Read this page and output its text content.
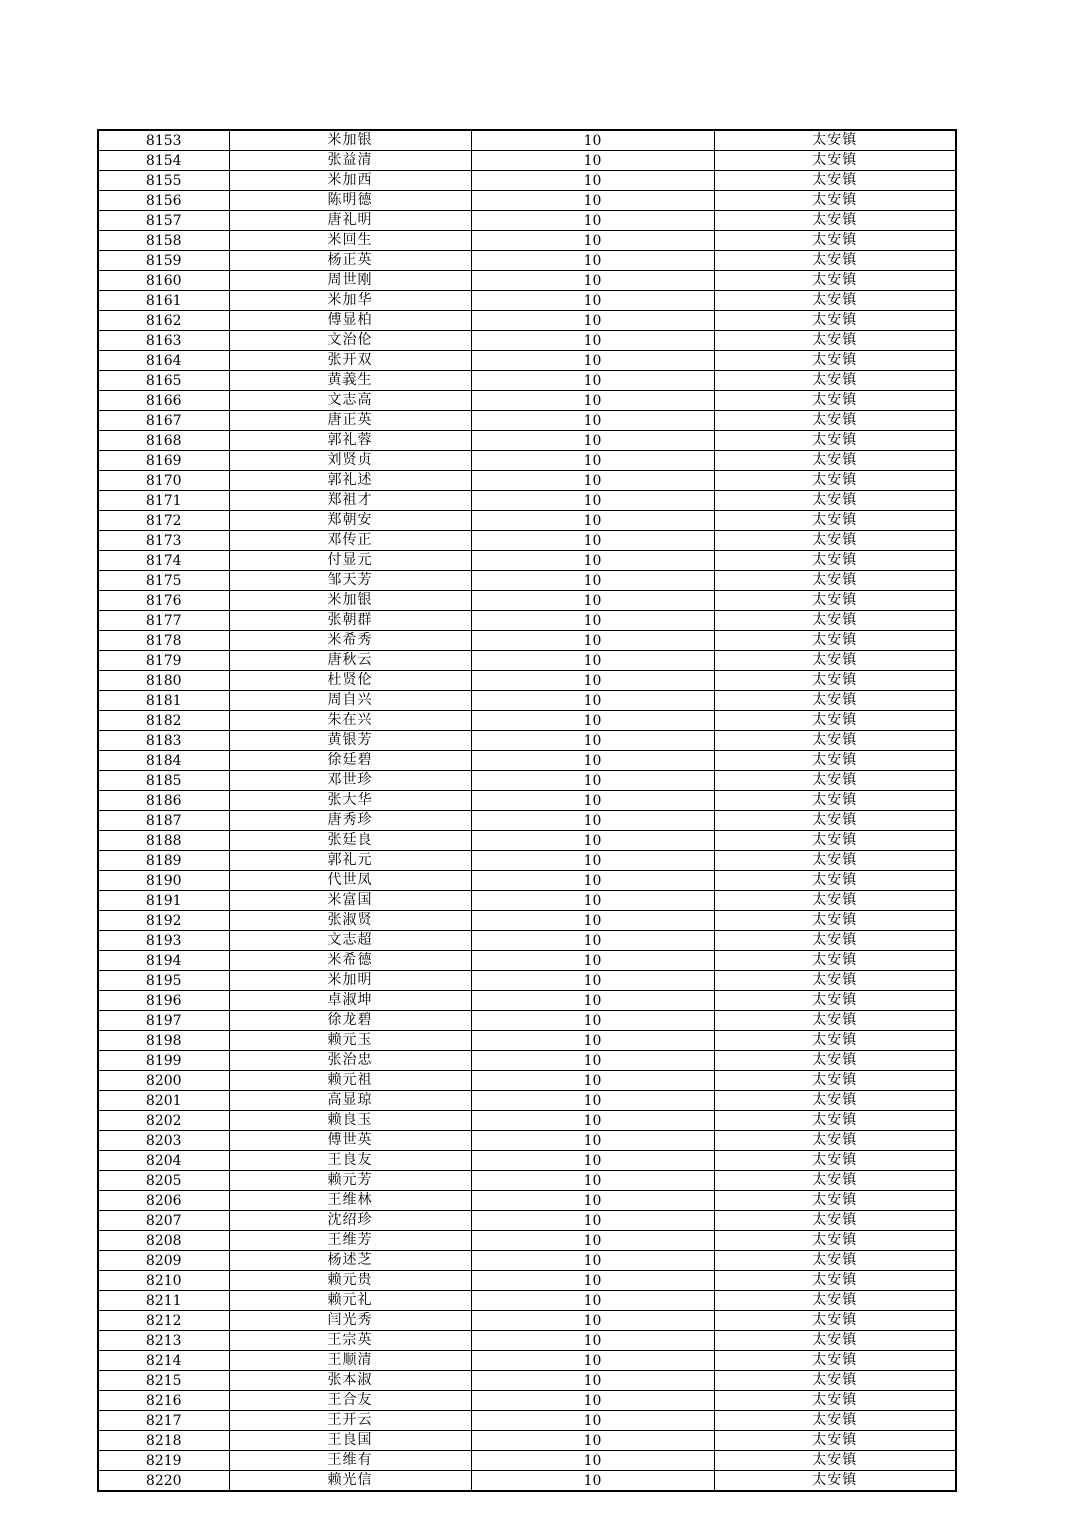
8153	米加银	10	太安镇
8154	张益清	10	太安镇
8155	米加西	10	太安镇
8156	陈明德	10	太安镇
8157	唐礼明	10	太安镇
8158	米回生	10	太安镇
8159	杨正英	10	太安镇
8160	周世刚	10	太安镇
8161	米加华	10	太安镇
8162	傅显柏	10	太安镇
8163	文治伦	10	太安镇
8164	张开双	10	太安镇
8165	黄義生	10	太安镇
8166	文志高	10	太安镇
8167	唐正英	10	太安镇
8168	郭礼蓉	10	太安镇
8169	刘贤贞	10	太安镇
8170	郭礼述	10	太安镇
8171	郑祖才	10	太安镇
8172	郑朝安	10	太安镇
8173	邓传正	10	太安镇
8174	付显元	10	太安镇
8175	邹天芳	10	太安镇
8176	米加银	10	太安镇
8177	张朝群	10	太安镇
8178	米希秀	10	太安镇
8179	唐秋云	10	太安镇
8180	杜贤伦	10	太安镇
8181	周自兴	10	太安镇
8182	朱在兴	10	太安镇
8183	黄银芳	10	太安镇
8184	徐廷碧	10	太安镇
8185	邓世珍	10	太安镇
8186	张大华	10	太安镇
8187	唐秀珍	10	太安镇
8188	张廷良	10	太安镇
8189	郭礼元	10	太安镇
8190	代世凤	10	太安镇
8191	米富国	10	太安镇
8192	张淑贤	10	太安镇
8193	文志超	10	太安镇
8194	米希德	10	太安镇
8195	米加明	10	太安镇
8196	卓淑坤	10	太安镇
8197	徐龙碧	10	太安镇
8198	赖元玉	10	太安镇
8199	张治忠	10	太安镇
8200	赖元祖	10	太安镇
8201	高显琼	10	太安镇
8202	赖良玉	10	太安镇
8203	傅世英	10	太安镇
8204	王良友	10	太安镇
8205	赖元芳	10	太安镇
8206	王维林	10	太安镇
8207	沈绍珍	10	太安镇
8208	王维芳	10	太安镇
8209	杨述芝	10	太安镇
8210	赖元贵	10	太安镇
8211	赖元礼	10	太安镇
8212	闫光秀	10	太安镇
8213	王宗英	10	太安镇
8214	王顺清	10	太安镇
8215	张本淑	10	太安镇
8216	王合友	10	太安镇
8217	王开云	10	太安镇
8218	王良国	10	太安镇
8219	王维有	10	太安镇
8220	赖光信	10	太安镇
